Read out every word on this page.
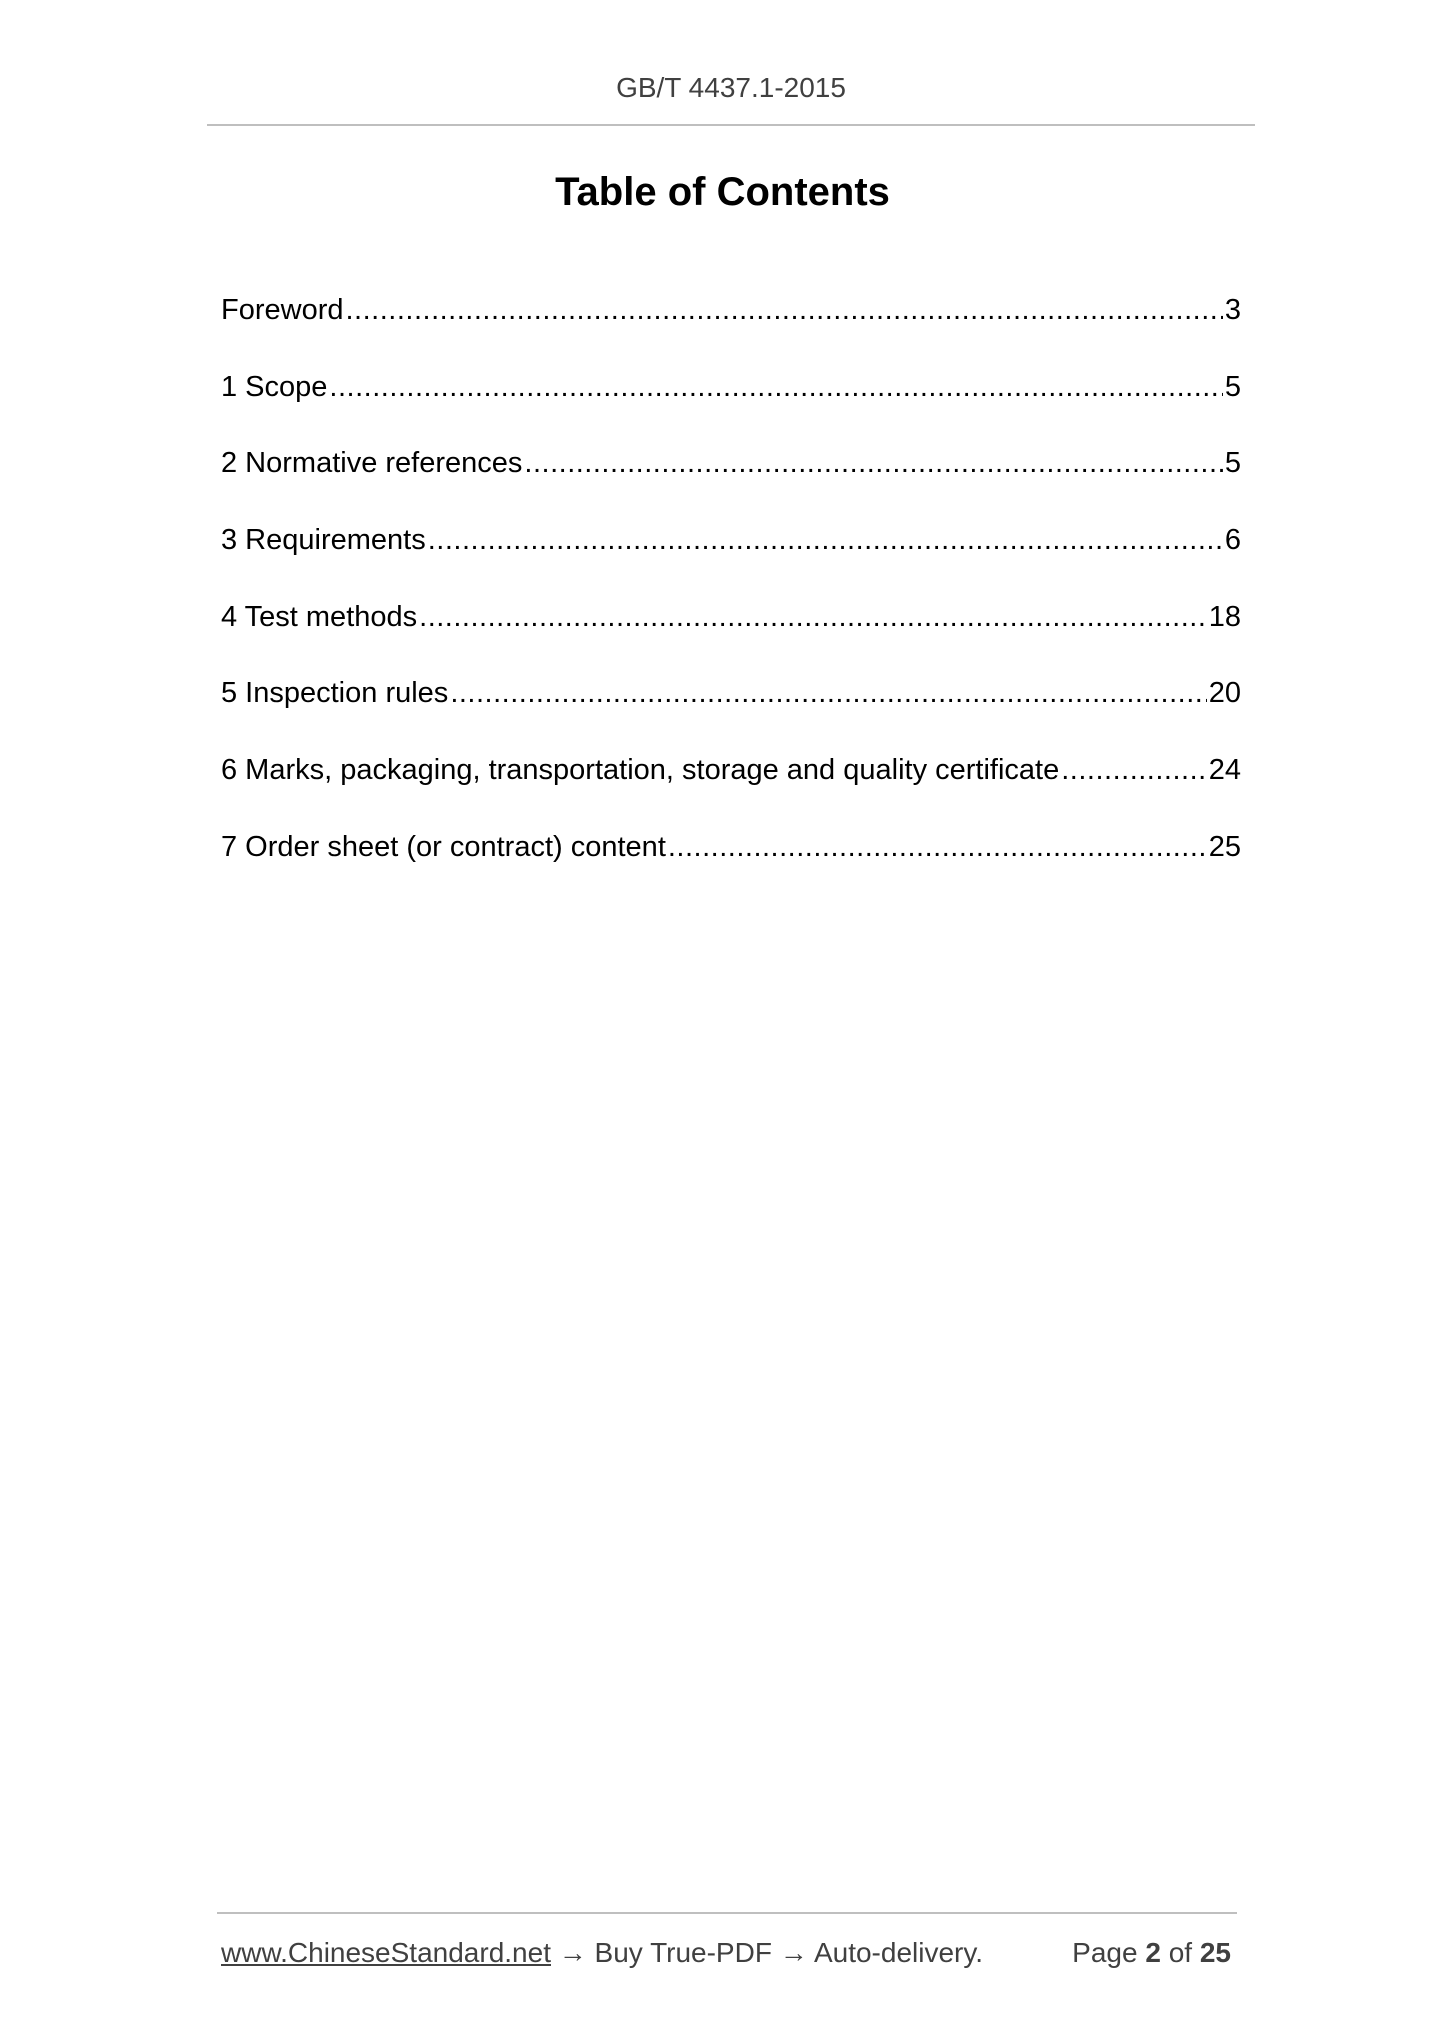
GB/T 4437.1-2015
Table of Contents
Foreword .....	3
1 Scope .....	5
2 Normative references .....	5
3 Requirements .....	6
4 Test methods .....	18
5 Inspection rules .....	20
6 Marks, packaging, transportation, storage and quality certificate .....	24
7 Order sheet (or contract) content .....	25
www.ChineseStandard.net → Buy True-PDF → Auto-delivery.	Page 2 of 25
